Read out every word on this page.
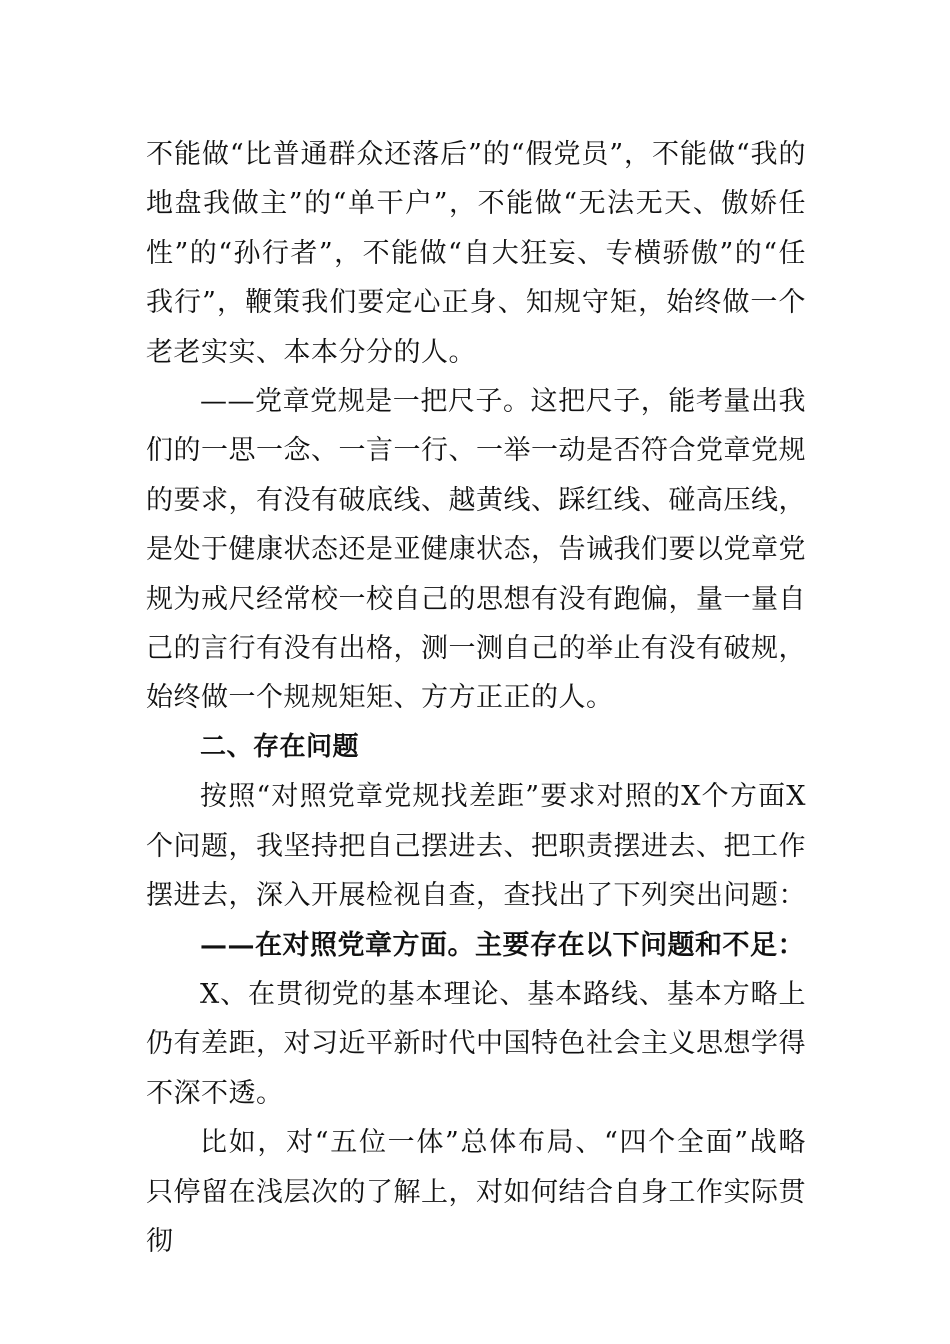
不能做“比普通群众还落后”的“假党员”，不能做“我的地盘我做主”的“单干户”，不能做“无法无天、傲娇任性”的“孙行者”，不能做“自大狂妄、专横骄傲”的“任我行”，鞭策我们要定心正身、知规守矩，始终做一个老老实实、本本分分的人。

——党章党规是一把尺子。这把尺子，能考量出我们的一思一念、一言一行、一举一动是否符合党章党规的要求，有没有破底线、越黄线、踩红线、碰高压线，是处于健康状态还是亚健康状态，告诫我们要以党章党规为戒尺经常校一校自己的思想有没有跑偏，量一量自己的言行有没有出格，测一测自己的举止有没有破规，始终做一个规规矩矩、方方正正的人。

二、存在问题

按照“对照党章党规找差距”要求对照的X个方面X个问题，我坚持把自己摆进去、把职责摆进去、把工作摆进去，深入开展检视自查，查找出了下列突出问题：

——在对照党章方面。主要存在以下问题和不足：

X、在贯彻党的基本理论、基本路线、基本方略上仍有差距，对习近平新时代中国特色社会主义思想学得不深不透。

比如，对“五位一体”总体布局、“四个全面”战略只停留在浅层次的了解上，对如何结合自身工作实际贯彻
